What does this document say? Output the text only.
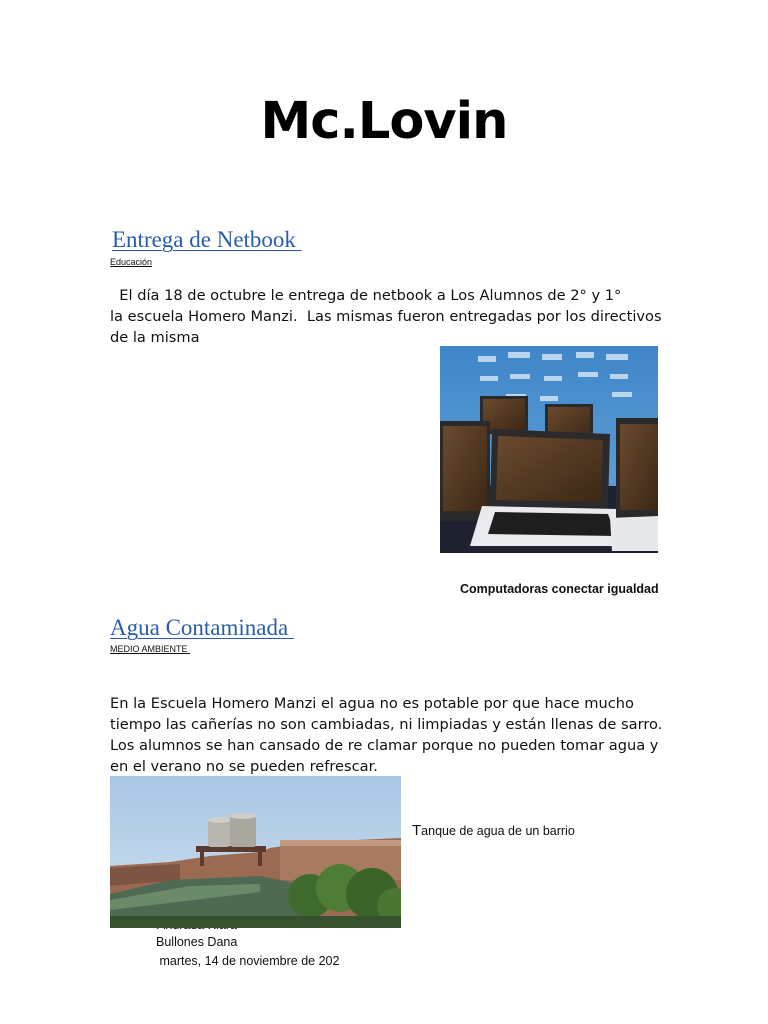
Mc.Lovin
Entrega de Netbook
Educación
El día 18 de octubre le entrega de netbook a Los Alumnos de 2° y 1°
la escuela Homero Manzi.  Las mismas fueron entregadas por los directivos
de la misma
Computadoras conectar igualdad
Agua Contaminada
MEDIO AMBIENTE
En la Escuela Homero Manzi el agua no es potable por que hace mucho
tiempo las cañerías no son cambiadas, ni limpiadas y están llenas de sarro.
Los alumnos se han cansado de re clamar porque no pueden tomar agua y
en el verano no se pueden refrescar.
Tanque de agua de un barrio
Bullones Dana
martes, 14 de noviembre de 202
